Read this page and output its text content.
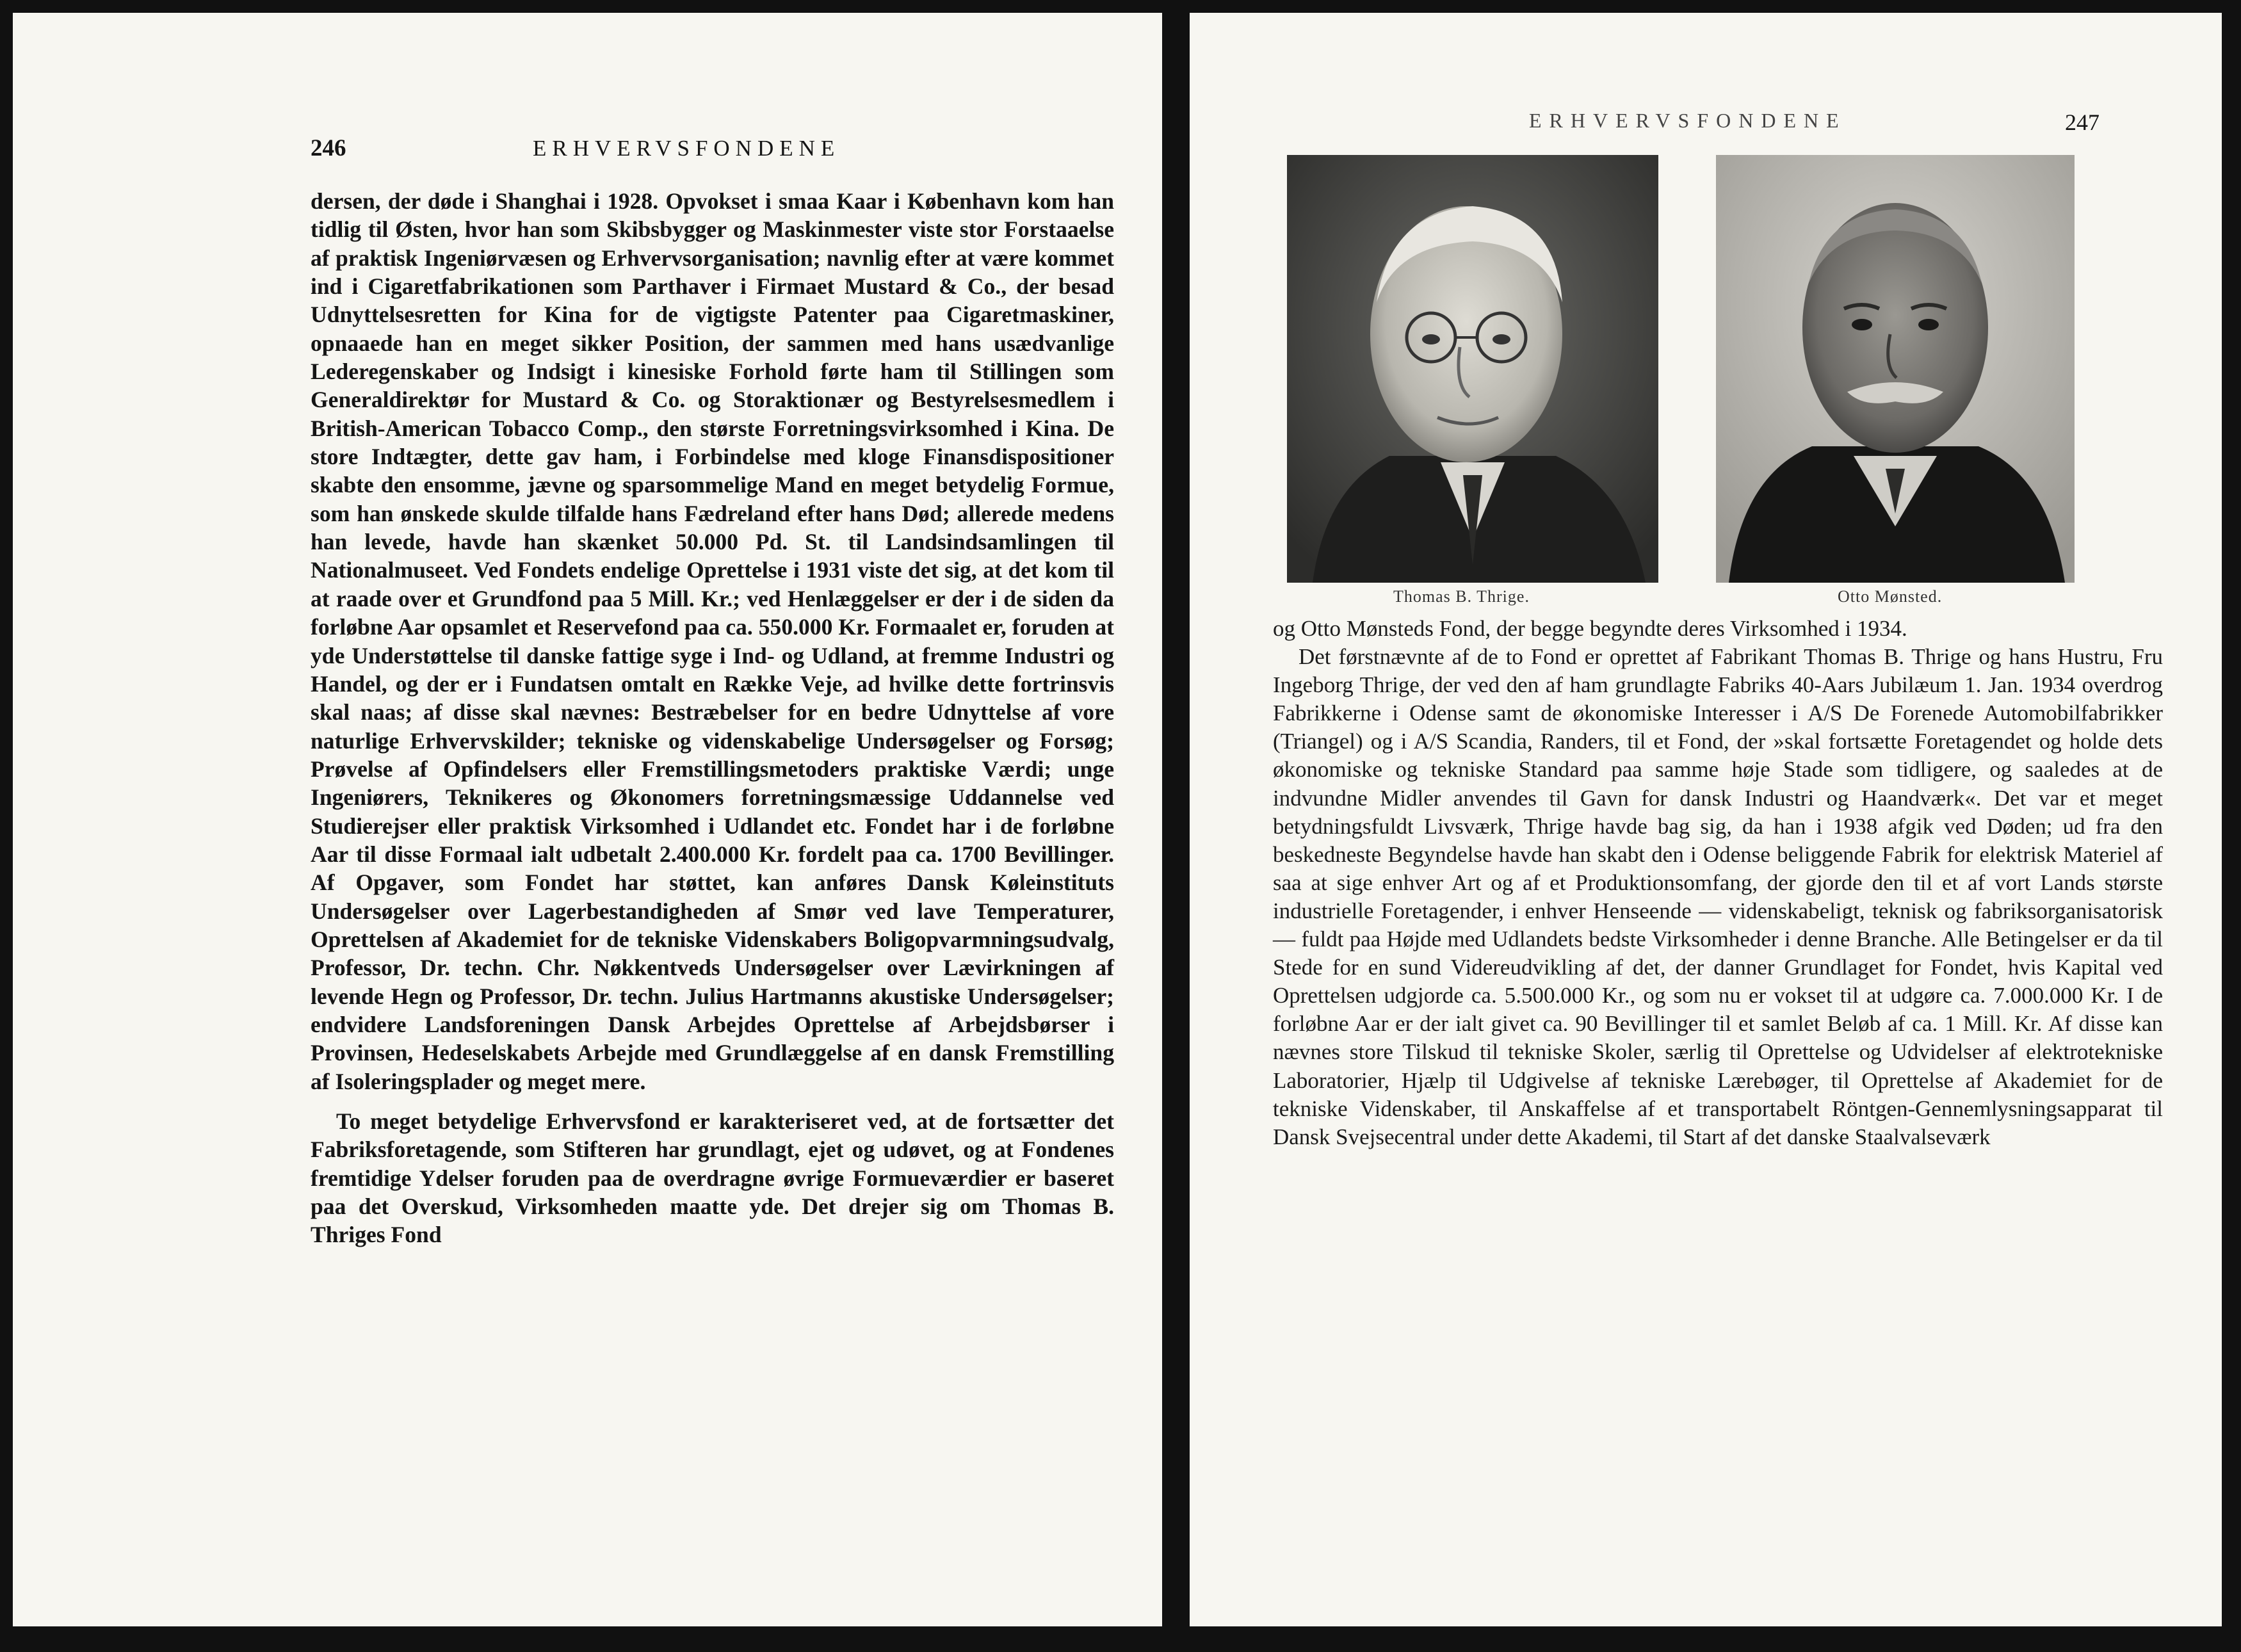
246	ERHVERVSFONDENE

dersen, der døde i Shanghai i 1928. Opvokset i smaa Kaar i København kom han tidlig til Østen, hvor han som Skibsbygger og Maskinmester viste stor Forstaaelse af praktisk Ingeniørvæsen og Erhvervsorganisation; navnlig efter at være kommet ind i Cigaretfabrikationen som Parthaver i Firmaet Mustard & Co., der besad Udnyttelsesretten for Kina for de vigtigste Patenter paa Cigaretmaskiner, opnaaede han en meget sikker Position, der sammen med hans usædvanlige Lederegenskaber og Indsigt i kinesiske Forhold førte ham til Stillingen som Generaldirektør for Mustard & Co. og Storaktionær og Bestyrelsesmedlem i British-American Tobacco Comp., den største Forretningsvirksomhed i Kina. De store Indtægter, dette gav ham, i Forbindelse med kloge Finansdispositioner skabte den ensomme, jævne og sparsommelige Mand en meget betydelig Formue, som han ønskede skulde tilfalde hans Fædreland efter hans Død; allerede medens han levede, havde han skænket 50.000 Pd. St. til Landsindsamlingen til Nationalmuseet. Ved Fondets endelige Oprettelse i 1931 viste det sig, at det kom til at raade over et Grundfond paa 5 Mill. Kr.; ved Henlæggelser er der i de siden da forløbne Aar opsamlet et Reservefond paa ca. 550.000 Kr. Formaalet er, foruden at yde Understøttelse til danske fattige syge i Ind- og Udland, at fremme Industri og Handel, og der er i Fundatsen omtalt en Række Veje, ad hvilke dette fortrinsvis skal naas; af disse skal nævnes: Bestræbelser for en bedre Udnyttelse af vore naturlige Erhvervskilder; tekniske og videnskabelige Undersøgelser og Forsøg; Prøvelse af Opfindelsers eller Fremstillingsmetoders praktiske Værdi; unge Ingeniørers, Teknikeres og Økonomers forretningsmæssige Uddannelse ved Studierejser eller praktisk Virksomhed i Udlandet etc. Fondet har i de forløbne Aar til disse Formaal ialt udbetalt 2.400.000 Kr. fordelt paa ca. 1700 Bevillinger. Af Opgaver, som Fondet har støttet, kan anføres Dansk Køleinstituts Undersøgelser over Lagerbestandigheden af Smør ved lave Temperaturer, Oprettelsen af Akademiet for de tekniske Videnskabers Boligopvarmningsudvalg, Professor, Dr. techn. Chr. Nøkkentveds Undersøgelser over Lævirkningen af levende Hegn og Professor, Dr. techn. Julius Hartmanns akustiske Undersøgelser; endvidere Landsforeningen Dansk Arbejdes Oprettelse af Arbejdsbørser i Provinsen, Hedeselskabets Arbejde med Grundlæggelse af en dansk Fremstilling af Isoleringsplader og meget mere.

To meget betydelige Erhvervsfond er karakteriseret ved, at de fortsætter det Fabriksforetagende, som Stifteren har grundlagt, ejet og udøvet, og at Fondenes fremtidige Ydelser foruden paa de overdragne øvrige Formueværdier er baseret paa det Overskud, Virksomheden maatte yde. Det drejer sig om Thomas B. Thriges Fond

ERHVERVSFONDENE	247
Thomas B. Thrige.	Otto Mønsted.

og Otto Mønsteds Fond, der begge begyndte deres Virksomhed i 1934.

Det førstnævnte af de to Fond er oprettet af Fabrikant Thomas B. Thrige og hans Hustru, Fru Ingeborg Thrige, der ved den af ham grundlagte Fabriks 40-Aars Jubilæum 1. Jan. 1934 overdrog Fabrikkerne i Odense samt de økonomiske Interesser i A/S De Forenede Automobilfabrikker (Triangel) og i A/S Scandia, Randers, til et Fond, der »skal fortsætte Foretagendet og holde dets økonomiske og tekniske Standard paa samme høje Stade som tidligere, og saaledes at de indvundne Midler anvendes til Gavn for dansk Industri og Haandværk«. Det var et meget betydningsfuldt Livsværk, Thrige havde bag sig, da han i 1938 afgik ved Døden; ud fra den beskedneste Begyndelse havde han skabt den i Odense beliggende Fabrik for elektrisk Materiel af saa at sige enhver Art og af et Produktionsomfang, der gjorde den til et af vort Lands største industrielle Foretagender, i enhver Henseende — videnskabeligt, teknisk og fabriksorganisatorisk — fuldt paa Højde med Udlandets bedste Virksomheder i denne Branche. Alle Betingelser er da til Stede for en sund Videreudvikling af det, der danner Grundlaget for Fondet, hvis Kapital ved Oprettelsen udgjorde ca. 5.500.000 Kr., og som nu er vokset til at udgøre ca. 7.000.000 Kr. I de forløbne Aar er der ialt givet ca. 90 Bevillinger til et samlet Beløb af ca. 1 Mill. Kr. Af disse kan nævnes store Tilskud til tekniske Skoler, særlig til Oprettelse og Udvidelser af elektrotekniske Laboratorier, Hjælp til Udgivelse af tekniske Lærebøger, til Oprettelse af Akademiet for de tekniske Videnskaber, til Anskaffelse af et transportabelt Röntgen-Gennemlysningsapparat til Dansk Svejsecentral under dette Akademi, til Start af det danske Staalvalseværk
